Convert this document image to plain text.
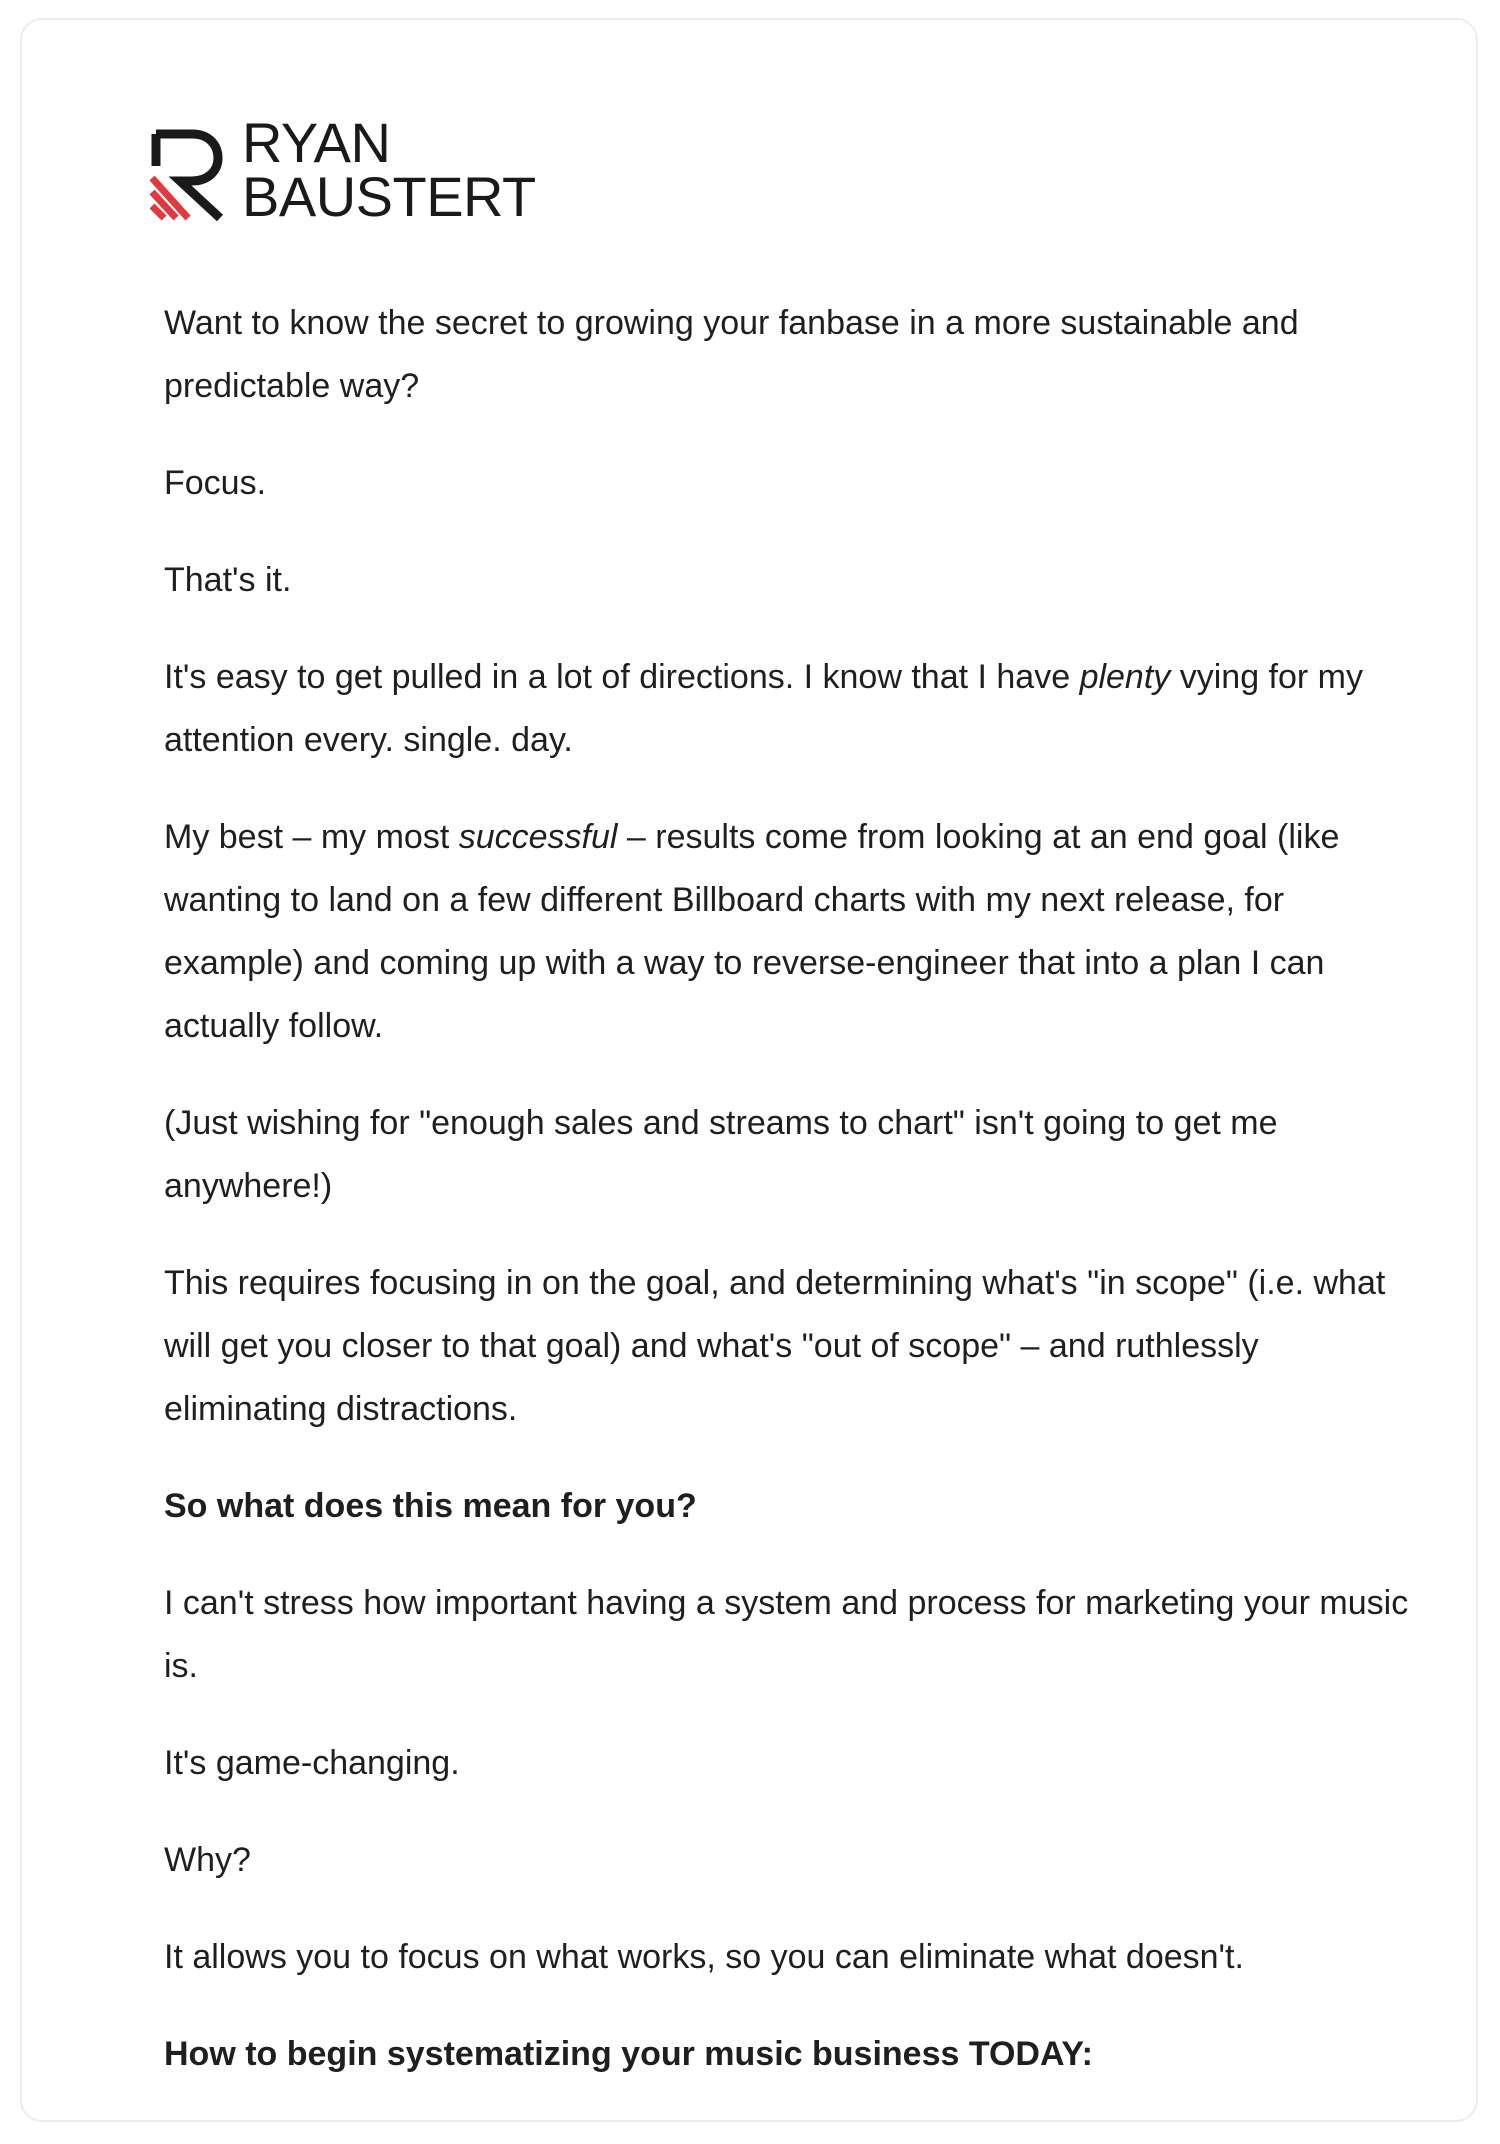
RYAN
BAUSTERT

Want to know the secret to growing your fanbase in a more sustainable and predictable way?

Focus.

That's it.

It's easy to get pulled in a lot of directions. I know that I have plenty vying for my attention every. single. day.

My best – my most successful – results come from looking at an end goal (like wanting to land on a few different Billboard charts with my next release, for example) and coming up with a way to reverse-engineer that into a plan I can actually follow.

(Just wishing for "enough sales and streams to chart" isn't going to get me anywhere!)

This requires focusing in on the goal, and determining what's "in scope" (i.e. what will get you closer to that goal) and what's "out of scope" – and ruthlessly eliminating distractions.

So what does this mean for you?

I can't stress how important having a system and process for marketing your music is.

It's game-changing.

Why?

It allows you to focus on what works, so you can eliminate what doesn't.

How to begin systematizing your music business TODAY:
